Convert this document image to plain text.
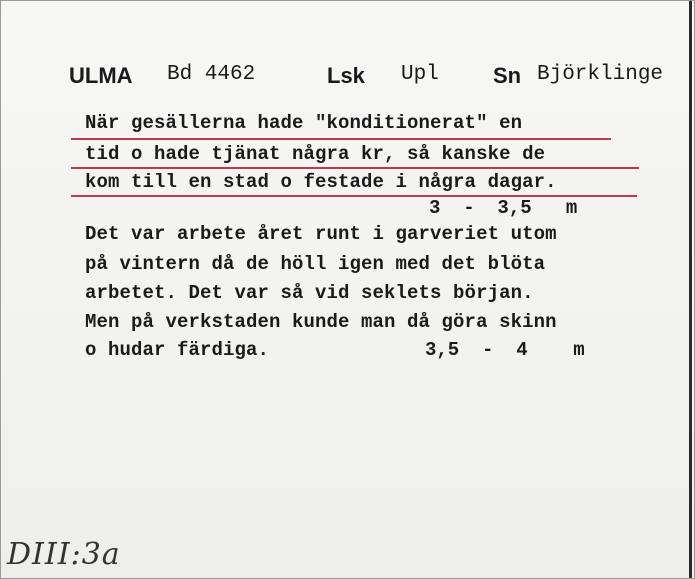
ULMA Bd 4462	Lsk Upl Sn Björklinge
När gesällerna hade "konditionerat" en
tid o hade tjänat några kr, så kanske de
kom till en stad o festade i några dagar.
3  -  3,5   m
Det var arbete året runt i garveriet utom
på vintern då de höll igen med det blöta
arbetet. Det var så vid seklets början.
Men på verkstaden kunde man då göra skinn
o hudar färdiga.	3,5  -  4    m
DIII:3a
